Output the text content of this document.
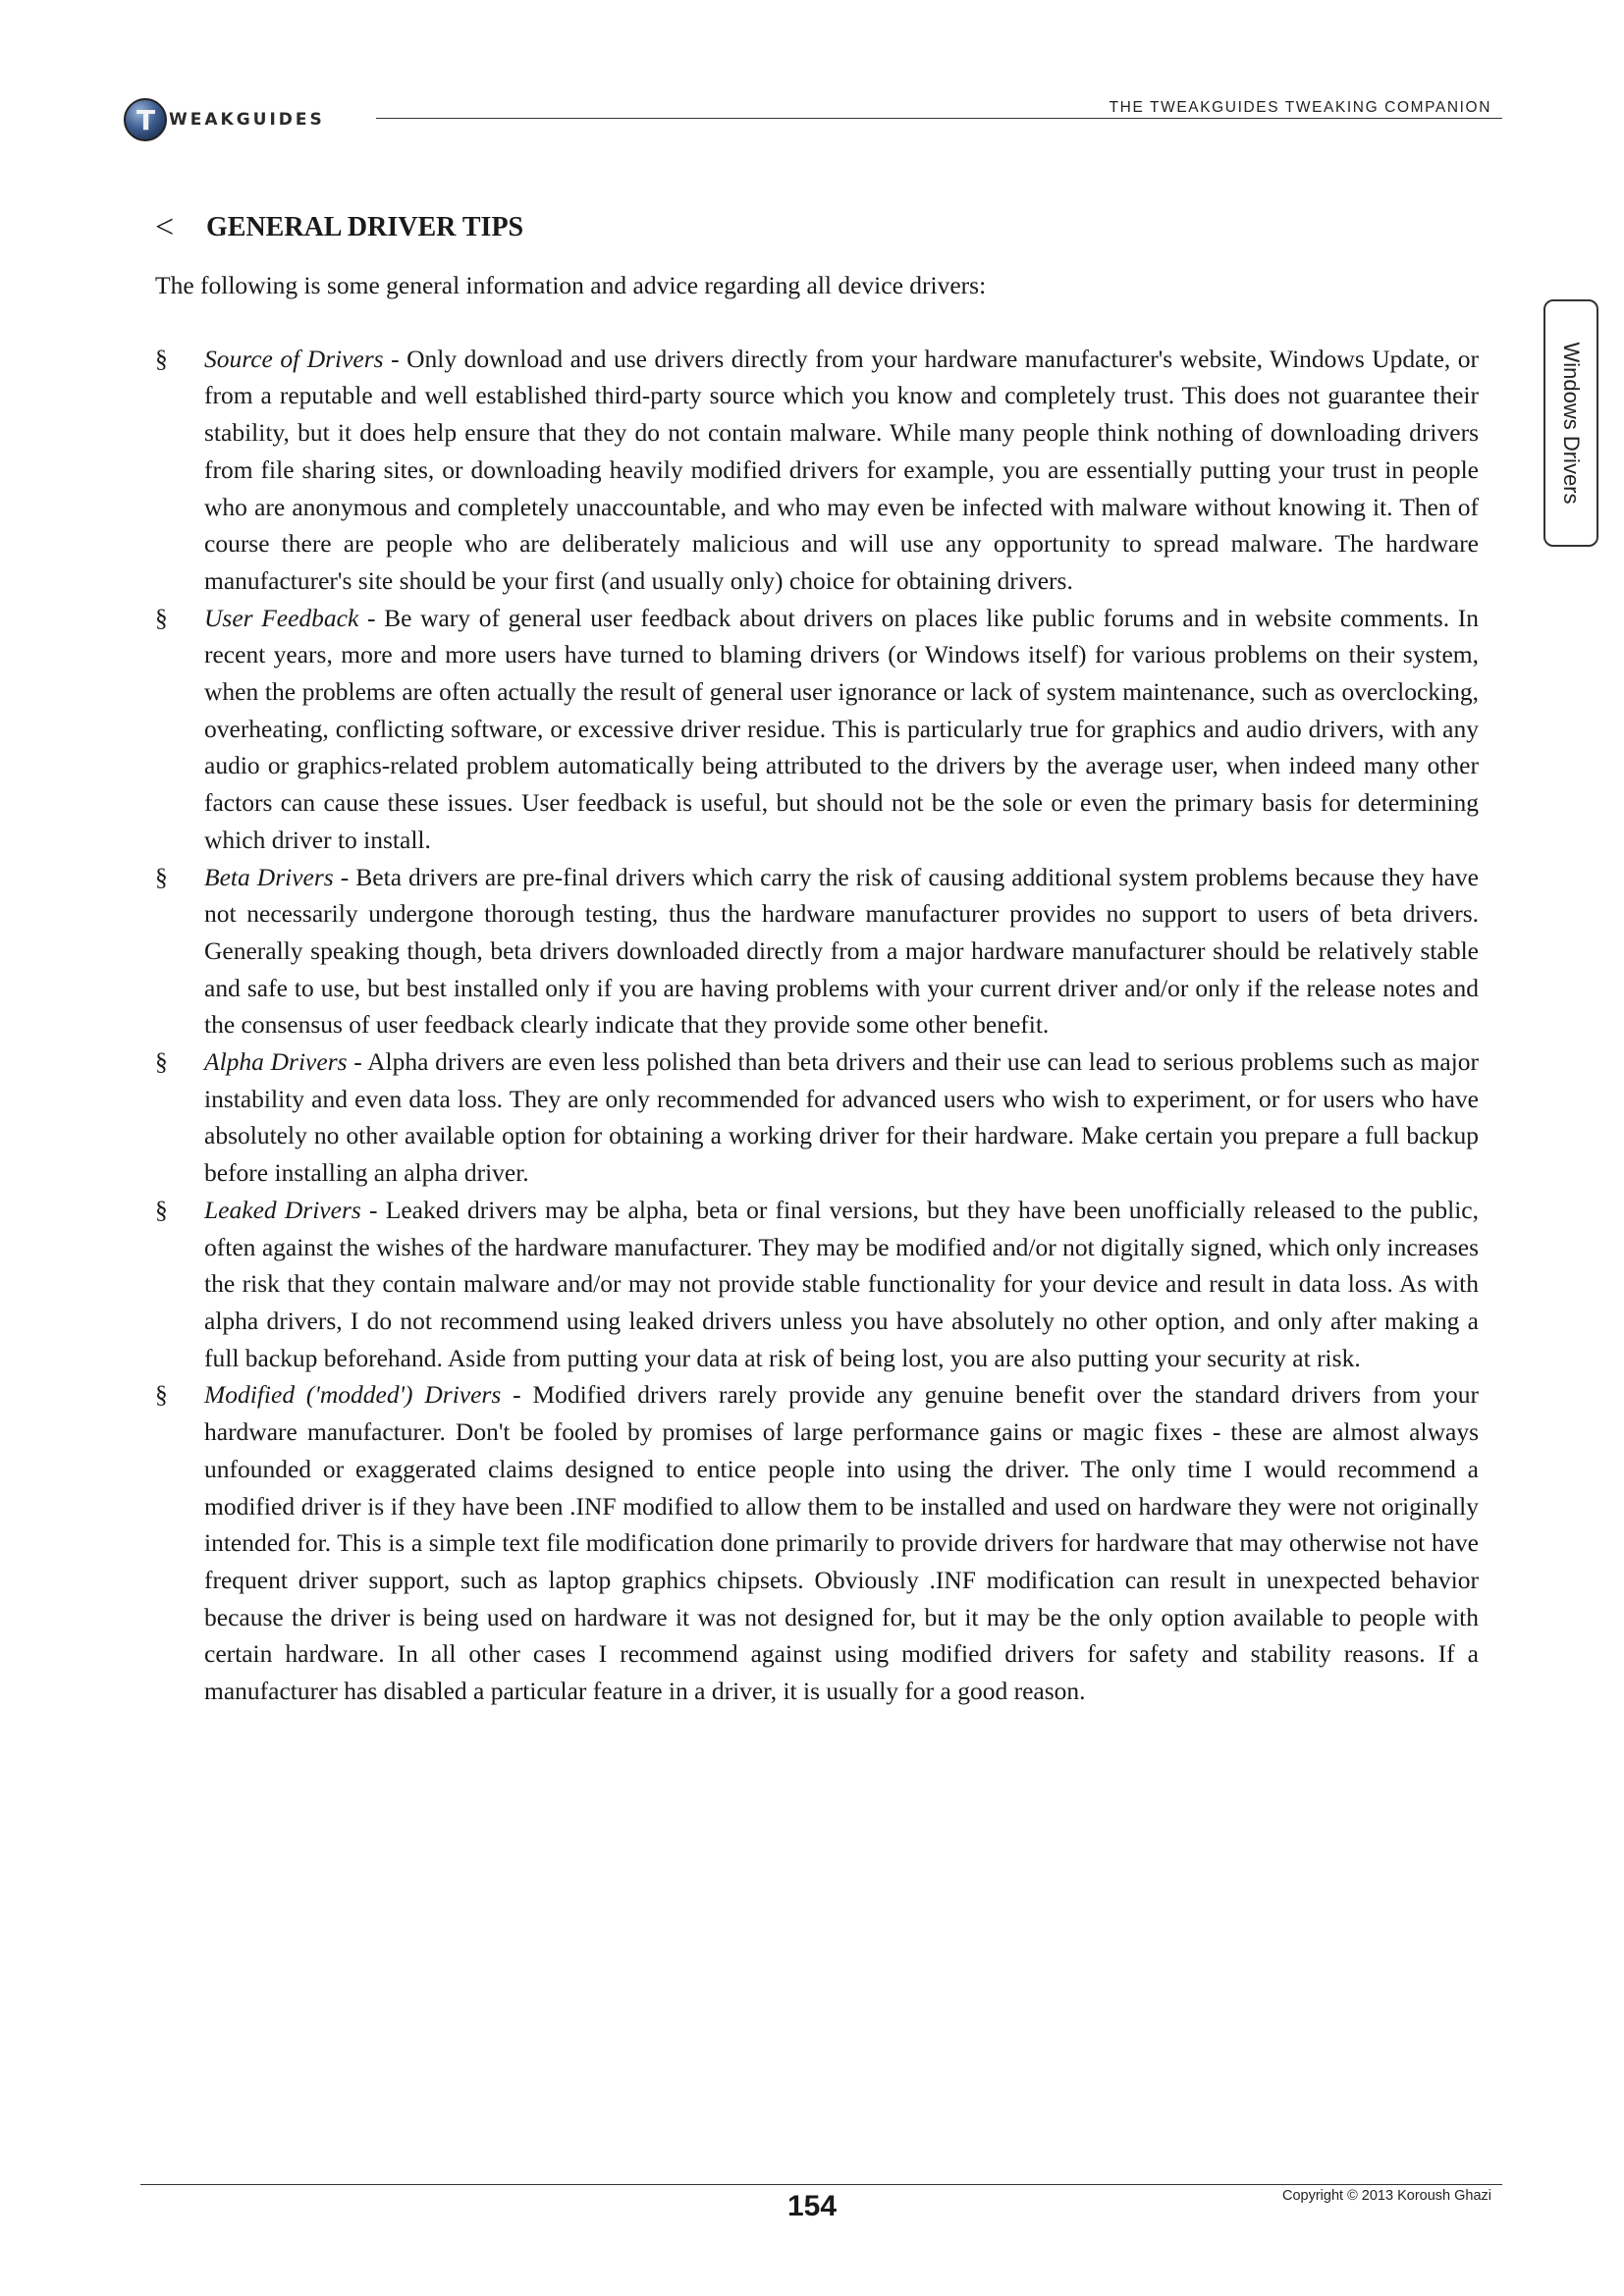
T WEAKGUIDES
THE TWEAKGUIDES TWEAKING COMPANION
Windows Drivers
<	GENERAL DRIVER TIPS

The following is some general information and advice regarding all device drivers:

§ Source of Drivers - Only download and use drivers directly from your hardware manufacturer's website, Windows Update, or from a reputable and well established third-party source which you know and completely trust. This does not guarantee their stability, but it does help ensure that they do not contain malware. While many people think nothing of downloading drivers from file sharing sites, or downloading heavily modified drivers for example, you are essentially putting your trust in people who are anonymous and completely unaccountable, and who may even be infected with malware without knowing it. Then of course there are people who are deliberately malicious and will use any opportunity to spread malware. The hardware manufacturer's site should be your first (and usually only) choice for obtaining drivers.
§ User Feedback - Be wary of general user feedback about drivers on places like public forums and in website comments. In recent years, more and more users have turned to blaming drivers (or Windows itself) for various problems on their system, when the problems are often actually the result of general user ignorance or lack of system maintenance, such as overclocking, overheating, conflicting software, or excessive driver residue. This is particularly true for graphics and audio drivers, with any audio or graphics-related problem automatically being attributed to the drivers by the average user, when indeed many other factors can cause these issues. User feedback is useful, but should not be the sole or even the primary basis for determining which driver to install.
§ Beta Drivers - Beta drivers are pre-final drivers which carry the risk of causing additional system problems because they have not necessarily undergone thorough testing, thus the hardware manufacturer provides no support to users of beta drivers. Generally speaking though, beta drivers downloaded directly from a major hardware manufacturer should be relatively stable and safe to use, but best installed only if you are having problems with your current driver and/or only if the release notes and the consensus of user feedback clearly indicate that they provide some other benefit.
§ Alpha Drivers - Alpha drivers are even less polished than beta drivers and their use can lead to serious problems such as major instability and even data loss. They are only recommended for advanced users who wish to experiment, or for users who have absolutely no other available option for obtaining a working driver for their hardware. Make certain you prepare a full backup before installing an alpha driver.
§ Leaked Drivers - Leaked drivers may be alpha, beta or final versions, but they have been unofficially released to the public, often against the wishes of the hardware manufacturer. They may be modified and/or not digitally signed, which only increases the risk that they contain malware and/or may not provide stable functionality for your device and result in data loss. As with alpha drivers, I do not recommend using leaked drivers unless you have absolutely no other option, and only after making a full backup beforehand. Aside from putting your data at risk of being lost, you are also putting your security at risk.
§ Modified ('modded') Drivers - Modified drivers rarely provide any genuine benefit over the standard drivers from your hardware manufacturer. Don't be fooled by promises of large performance gains or magic fixes - these are almost always unfounded or exaggerated claims designed to entice people into using the driver. The only time I would recommend a modified driver is if they have been .INF modified to allow them to be installed and used on hardware they were not originally intended for. This is a simple text file modification done primarily to provide drivers for hardware that may otherwise not have frequent driver support, such as laptop graphics chipsets. Obviously .INF modification can result in unexpected behavior because the driver is being used on hardware it was not designed for, but it may be the only option available to people with certain hardware. In all other cases I recommend against using modified drivers for safety and stability reasons. If a manufacturer has disabled a particular feature in a driver, it is usually for a good reason.
154	Copyright © 2013 Koroush Ghazi
